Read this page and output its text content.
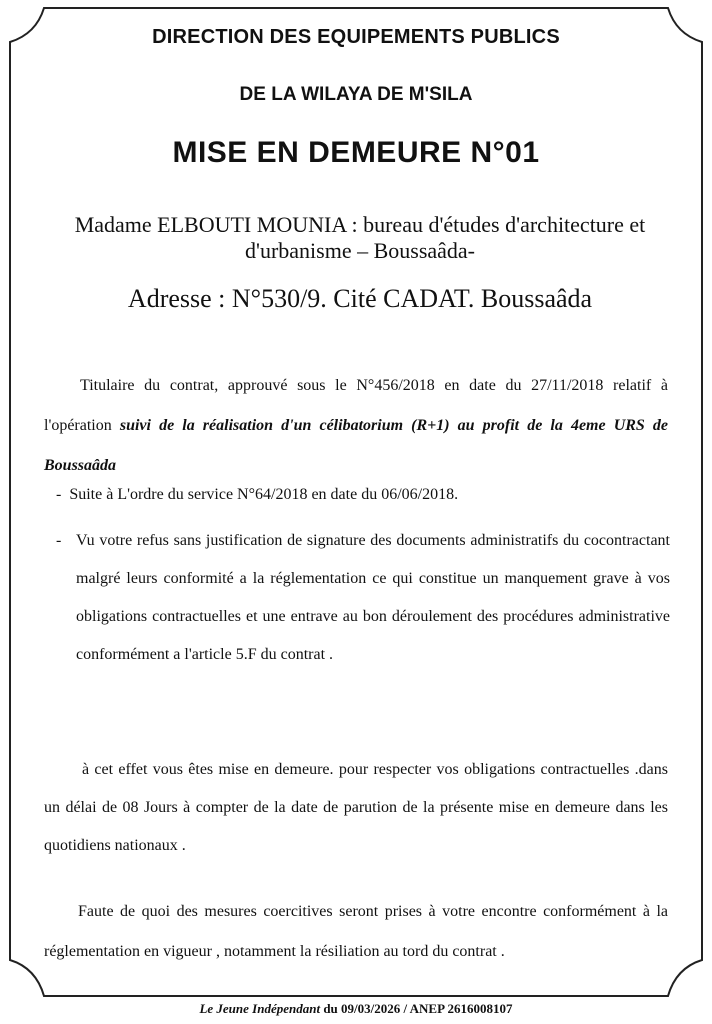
DIRECTION DES EQUIPEMENTS PUBLICS
DE LA WILAYA DE M'SILA
MISE EN DEMEURE N°01
Madame ELBOUTI MOUNIA : bureau d'études d'architecture et d'urbanisme – Boussaâda-
Adresse : N°530/9. Cité CADAT. Boussaâda

Titulaire du contrat, approuvé sous le N°456/2018 en date du 27/11/2018 relatif à l'opération suivi de la réalisation d'un célibatorium (R+1) au profit de la 4eme URS de Boussaâda

- Suite à L'ordre du service N°64/2018 en date du 06/06/2018.
- Vu votre refus sans justification de signature des documents administratifs du cocontractant malgré leurs conformité a la réglementation ce qui constitue un manquement grave à vos obligations contractuelles et une entrave au bon déroulement des procédures administrative conformément a l'article 5.F du contrat .

à cet effet vous êtes mise en demeure. pour respecter vos obligations contractuelles .dans un délai de 08 Jours à compter de la date de parution de la présente mise en demeure dans les quotidiens nationaux .

Faute de quoi des mesures coercitives seront prises à votre encontre conformément à la réglementation en vigueur , notamment la résiliation au tord du contrat .

Le Jeune Indépendant du 09/03/2026 / ANEP 2616008107
